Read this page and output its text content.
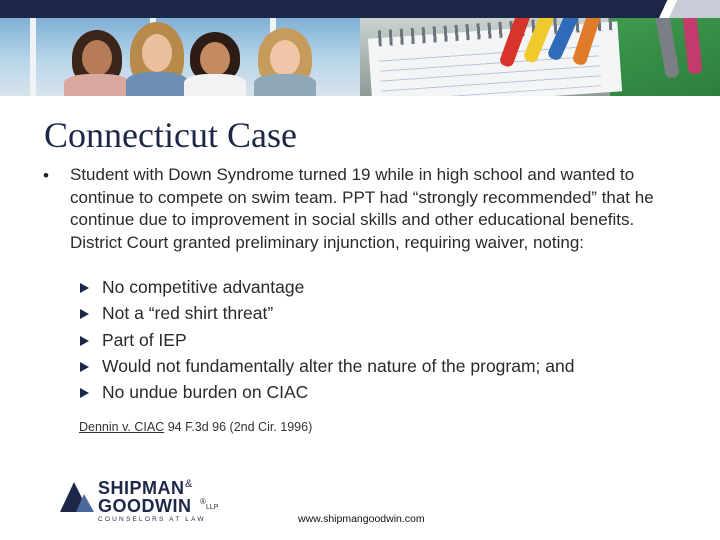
Connecticut Case
• Student with Down Syndrome turned 19 while in high school and wanted to continue to compete on swim team. PPT had “strongly recommended” that he continue due to improvement in social skills and other educational benefits. District Court granted preliminary injunction, requiring waiver, noting:

No competitive advantage
Not a “red shirt threat”
Part of IEP
Would not fundamentally alter the nature of the program; and
No undue burden on CIAC

Dennin v. CIAC 94 F.3d 96 (2nd Cir. 1996)

SHIPMAN &
GOODWIN ®
LLP
COUNSELORS AT LAW	www.shipmangoodwin.com
